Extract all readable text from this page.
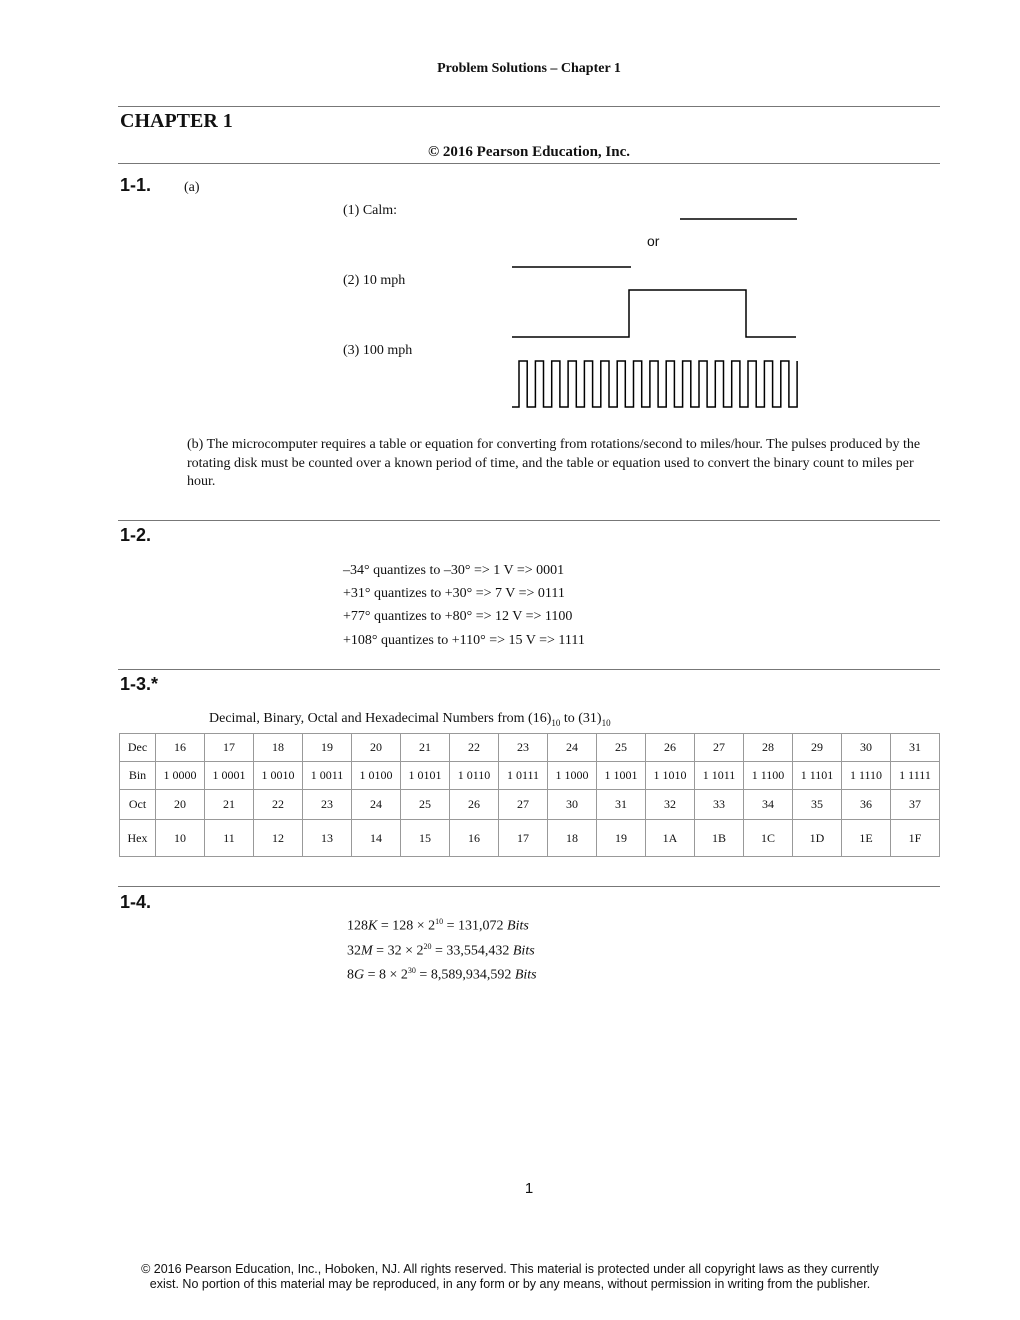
Problem Solutions – Chapter 1
CHAPTER 1
© 2016 Pearson Education, Inc.
1-1. (a)
(1) Calm:
or
(2) 10 mph
(3) 100 mph
(b) The microcomputer requires a table or equation for converting from rotations/second to miles/hour. The pulses produced by the rotating disk must be counted over a known period of time, and the table or equation used to convert the binary count to miles per hour.
1-2.
–34° quantizes to –30° => 1 V => 0001
+31° quantizes to +30° => 7 V => 0111
+77° quantizes to +80° => 12 V => 1100
+108° quantizes to +110° => 15 V => 1111
1-3.*
Decimal, Binary, Octal and Hexadecimal Numbers from $(16)_{10}$ to $(31)_{10}$
Dec	16	17	18	19	20	21	22	23	24	25	26	27	28	29	30	31
Bin	1 0000	1 0001	1 0010	1 0011	1 0100	1 0101	1 0110	1 0111	1 1000	1 1001	1 1010	1 1011	1 1100	1 1101	1 1110	1 1111
Oct	20	21	22	23	24	25	26	27	30	31	32	33	34	35	36	37
Hex	10	11	12	13	14	15	16	17	18	19	1A	1B	1C	1D	1E	1F
1-4.
$128K = 128 \times 2^{10} = 131,072$ Bits
$32M = 32 \times 2^{20} = 33,554,432$ Bits
$8G = 8 \times 2^{30} = 8,589,934,592$ Bits
1
© 2016 Pearson Education, Inc., Hoboken, NJ. All rights reserved. This material is protected under all copyright laws as they currently
exist. No portion of this material may be reproduced, in any form or by any means, without permission in writing from the publisher.
